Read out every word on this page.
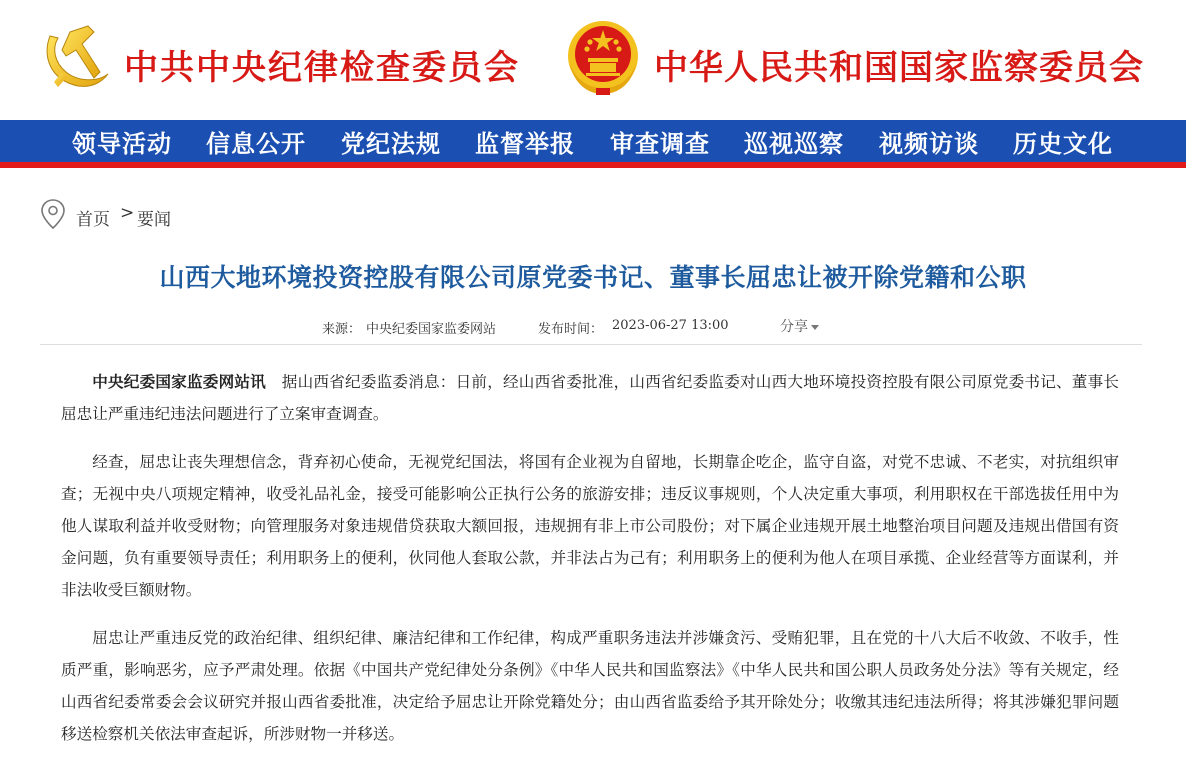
中共中央纪律检查委员会	中华人民共和国国家监察委员会
领导活动 信息公开 党纪法规 监督举报 审查调查 巡视巡察 视频访谈 历史文化
首页 > 要闻
山西大地环境投资控股有限公司原党委书记、董事长屈忠让被开除党籍和公职
来源： 中央纪委国家监委网站	发布时间： 2023-06-27 13:00	分享

中央纪委国家监委网站讯  据山西省纪委监委消息：日前，经山西省委批准，山西省纪委监委对山西大地环境投资控股有限公司原党委书记、董事长屈忠让严重违纪违法问题进行了立案审查调查。

经查，屈忠让丧失理想信念，背弃初心使命，无视党纪国法，将国有企业视为自留地，长期靠企吃企，监守自盗，对党不忠诚、不老实，对抗组织审查；无视中央八项规定精神，收受礼品礼金，接受可能影响公正执行公务的旅游安排；违反议事规则，个人决定重大事项，利用职权在干部选拔任用中为他人谋取利益并收受财物；向管理服务对象违规借贷获取大额回报，违规拥有非上市公司股份；对下属企业违规开展土地整治项目问题及违规出借国有资金问题，负有重要领导责任；利用职务上的便利，伙同他人套取公款，并非法占为己有；利用职务上的便利为他人在项目承揽、企业经营等方面谋利，并非法收受巨额财物。

屈忠让严重违反党的政治纪律、组织纪律、廉洁纪律和工作纪律，构成严重职务违法并涉嫌贪污、受贿犯罪，且在党的十八大后不收敛、不收手，性质严重，影响恶劣，应予严肃处理。依据《中国共产党纪律处分条例》《中华人民共和国监察法》《中华人民共和国公职人员政务处分法》等有关规定，经山西省纪委常委会会议研究并报山西省委批准，决定给予屈忠让开除党籍处分；由山西省监委给予其开除处分；收缴其违纪违法所得；将其涉嫌犯罪问题移送检察机关依法审查起诉，所涉财物一并移送。
